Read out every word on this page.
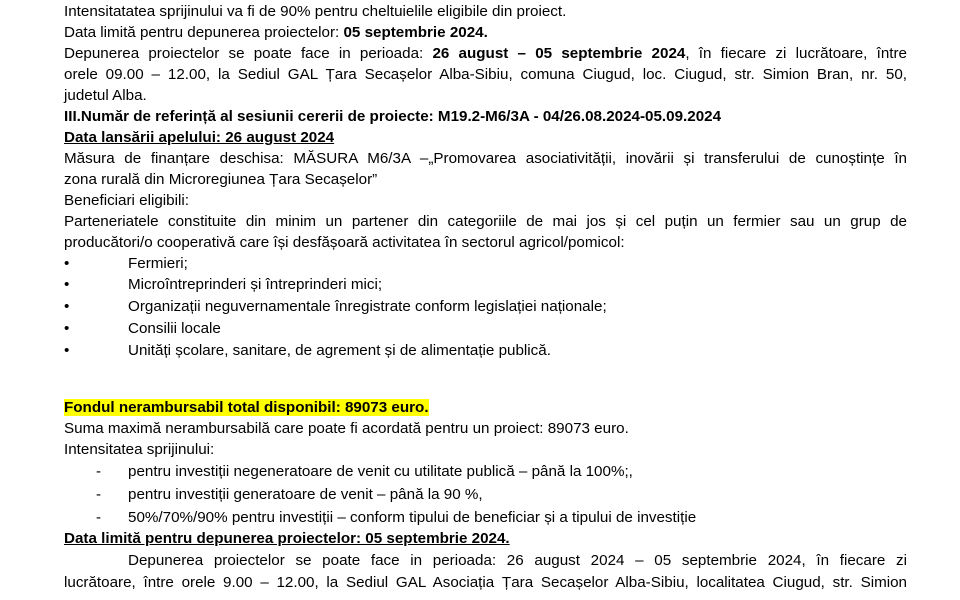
Intensitatatea sprijinului va fi de 90% pentru cheltuielile eligibile din proiect.
Data limită pentru depunerea proiectelor: 05 septembrie 2024.
Depunerea proiectelor se poate face in perioada: 26 august – 05 septembrie 2024, în fiecare zi lucrătoare, între
orele 09.00 – 12.00, la Sediul GAL Țara Secașelor Alba-Sibiu, comuna Ciugud, loc. Ciugud, str. Simion Bran, nr. 50,
judetul Alba.
III.Număr de referință al sesiunii cererii de proiecte: M19.2-M6/3A - 04/26.08.2024-05.09.2024
Data lansării apelului: 26 august 2024
Măsura de finanțare deschisa: MĂSURA M6/3A –„Promovarea asociativității, inovării și transferului de cunoștințe în
zona rurală din Microregiunea Țara Secașelor”
Beneficiari eligibili:
Parteneriatele constituite din minim un partener din categoriile de mai jos și cel puțin un fermier sau un grup de
producători/o cooperativă care își desfășoară activitatea în sectorul agricol/pomicol:
•	Fermieri;
•	Microîntreprinderi și întreprinderi mici;
•	Organizații neguvernamentale înregistrate conform legislației naționale;
•	Consilii locale
•	Unități școlare, sanitare, de agrement și de alimentație publică.
Fondul nerambursabil total disponibil: 89073 euro.
Suma maximă nerambursabilă care poate fi acordată pentru un proiect: 89073 euro.
Intensitatea sprijinului:
- pentru investiții negeneratoare de venit cu utilitate publică – până la 100%;,
- pentru investiții generatoare de venit – până la 90 %,
- 50%/70%/90% pentru investiții – conform tipului de beneficiar și a tipului de investiție
Data limită pentru depunerea proiectelor: 05 septembrie 2024.
Depunerea proiectelor se poate face in perioada: 26 august 2024 – 05 septembrie 2024, în fiecare zi
lucrătoare, între orele 9.00 – 12.00, la Sediul GAL Asociația Țara Secașelor Alba-Sibiu, localitatea Ciugud, str. Simion
